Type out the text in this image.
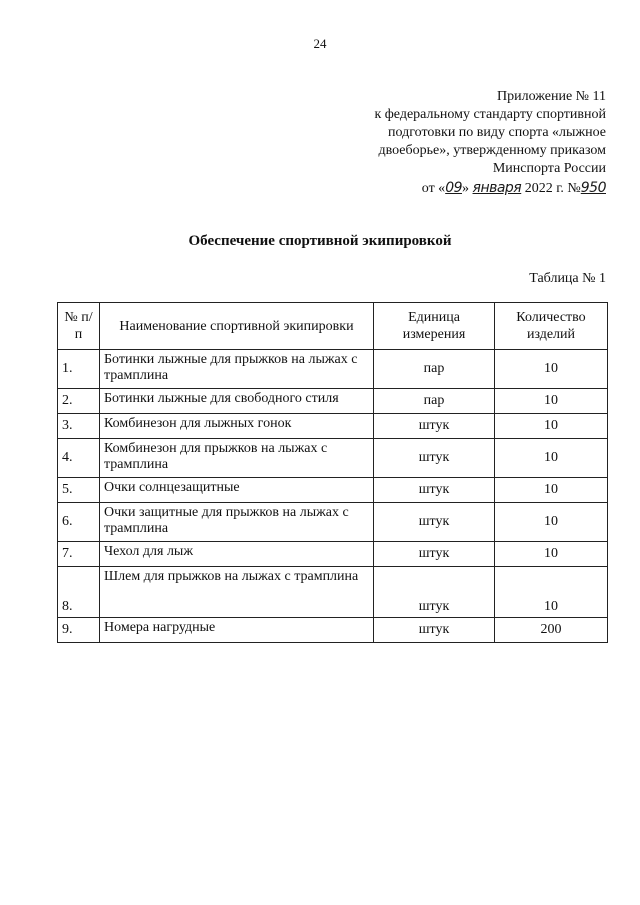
24
Приложение № 11
к федеральному стандарту спортивной
подготовки по виду спорта «лыжное
двоеборье», утвержденному приказом
Минспорта России
от «09» января 2022 г. №950
Обеспечение спортивной экипировкой
Таблица № 1
№ п/п	Наименование спортивной экипировки	Единица измерения	Количество изделий
1.	Ботинки лыжные для прыжков на лыжах с трамплина	пар	10
2.	Ботинки лыжные для свободного стиля	пар	10
3.	Комбинезон для лыжных гонок	штук	10
4.	Комбинезон для прыжков на лыжах с трамплина	штук	10
5.	Очки солнцезащитные	штук	10
6.	Очки защитные для прыжков на лыжах с трамплина	штук	10
7.	Чехол для лыж	штук	10
8.	Шлем для прыжков на лыжах с трамплина	штук	10
9.	Номера нагрудные	штук	200
